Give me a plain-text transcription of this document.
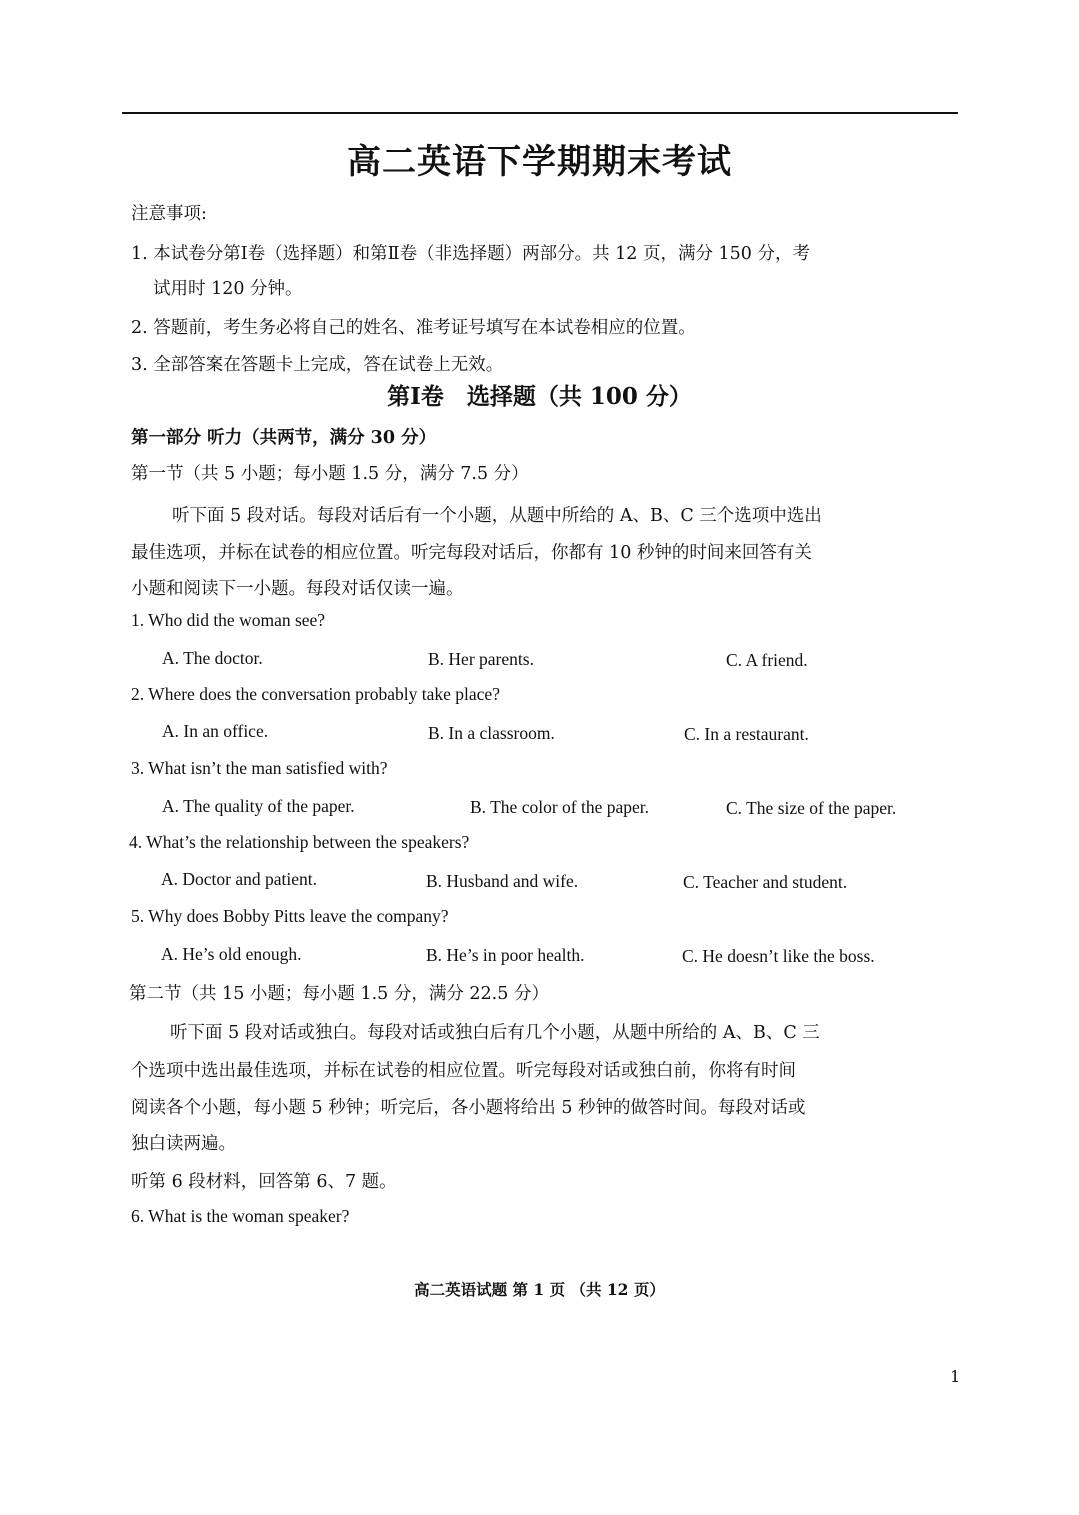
高二英语下学期期末考试
注意事项:
1. 本试卷分第Ⅰ卷（选择题）和第Ⅱ卷（非选择题）两部分。共 12 页，满分 150 分，考
试用时 120 分钟。
2. 答题前，考生务必将自己的姓名、准考证号填写在本试卷相应的位置。
3. 全部答案在答题卡上完成，答在试卷上无效。
第Ⅰ卷　选择题（共 100 分）
第一部分 听力（共两节，满分 30 分）
第一节（共 5 小题；每小题 1.5 分，满分 7.5 分）
听下面 5 段对话。每段对话后有一个小题，从题中所给的 A、B、C 三个选项中选出
最佳选项，并标在试卷的相应位置。听完每段对话后，你都有 10 秒钟的时间来回答有关
小题和阅读下一小题。每段对话仅读一遍。
1. Who did the woman see?
A. The doctor.	B. Her parents.	C. A friend.
2. Where does the conversation probably take place?
A. In an office.	B. In a classroom.	C. In a restaurant.
3. What isn’t the man satisfied with?
A. The quality of the paper.	B. The color of the paper.	C. The size of the paper.
4. What’s the relationship between the speakers?
A. Doctor and patient.	B. Husband and wife.	C. Teacher and student.
5. Why does Bobby Pitts leave the company?
A. He’s old enough.	B. He’s in poor health.	C. He doesn’t like the boss.
第二节（共 15 小题；每小题 1.5 分，满分 22.5 分）
听下面 5 段对话或独白。每段对话或独白后有几个小题，从题中所给的 A、B、C 三
个选项中选出最佳选项，并标在试卷的相应位置。听完每段对话或独白前，你将有时间
阅读各个小题，每小题 5 秒钟；听完后，各小题将给出 5 秒钟的做答时间。每段对话或
独白读两遍。
听第 6 段材料，回答第 6、7 题。
6. What is the woman speaker?
高二英语试题 第 1 页 （共 12 页）
1
